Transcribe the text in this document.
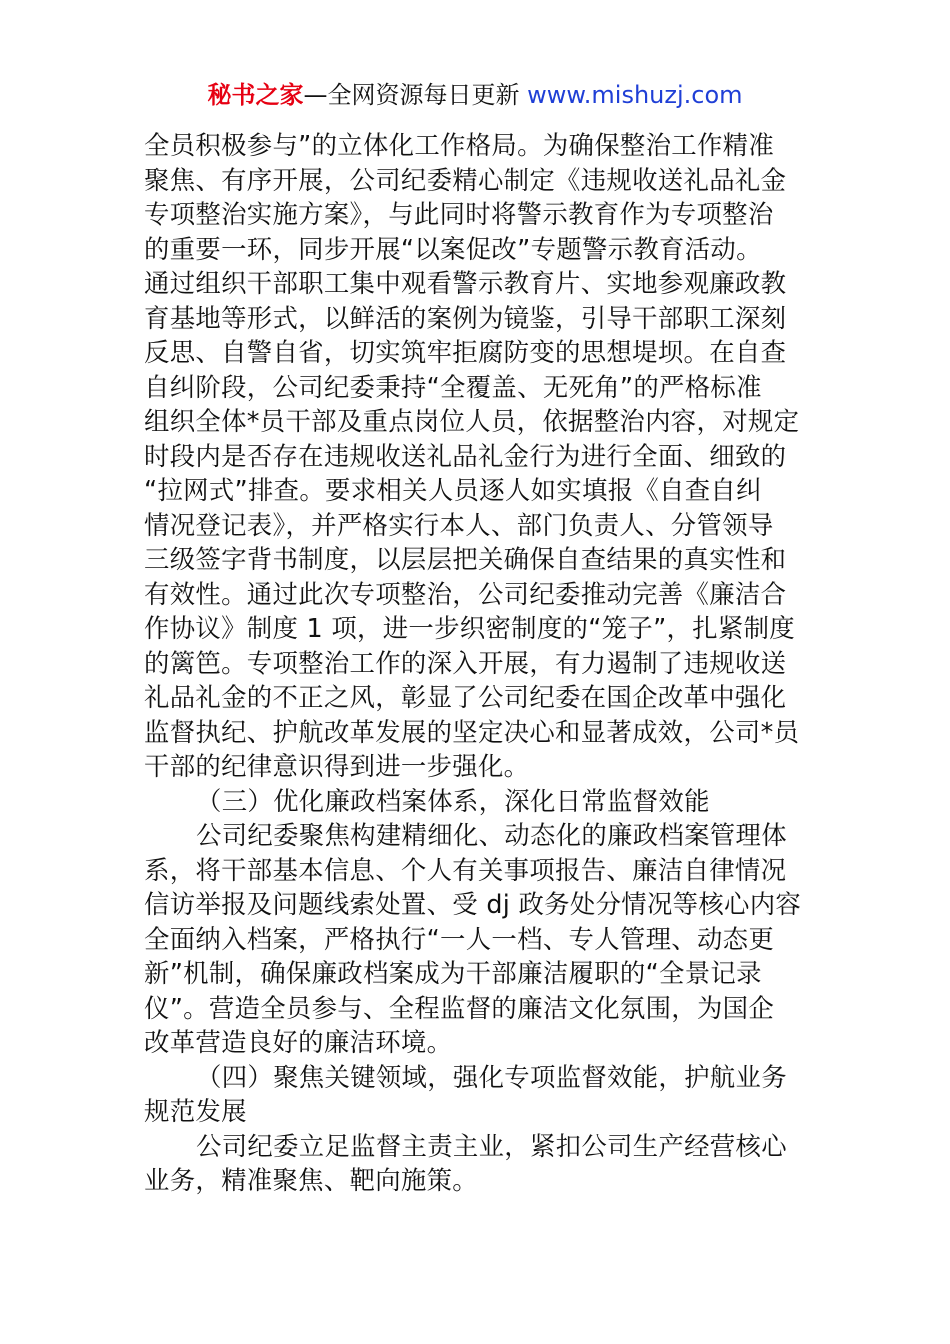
秘书之家—全网资源每日更新 www.mishuzj.com
全员积极参与”的立体化工作格局。为确保整治工作精准
聚焦、有序开展，公司纪委精心制定《违规收送礼品礼金
专项整治实施方案》，与此同时将警示教育作为专项整治
的重要一环，同步开展“以案促改”专题警示教育活动。
通过组织干部职工集中观看警示教育片、实地参观廉政教
育基地等形式，以鲜活的案例为镜鉴，引导干部职工深刻
反思、自警自省，切实筑牢拒腐防变的思想堤坝。在自查
自纠阶段，公司纪委秉持“全覆盖、无死角”的严格标准
组织全体*员干部及重点岗位人员，依据整治内容，对规定
时段内是否存在违规收送礼品礼金行为进行全面、细致的
“拉网式”排查。要求相关人员逐人如实填报《自查自纠
情况登记表》，并严格实行本人、部门负责人、分管领导
三级签字背书制度，以层层把关确保自查结果的真实性和
有效性。通过此次专项整治，公司纪委推动完善《廉洁合
作协议》制度 1 项，进一步织密制度的“笼子”，扎紧制度
的篱笆。专项整治工作的深入开展，有力遏制了违规收送
礼品礼金的不正之风，彰显了公司纪委在国企改革中强化
监督执纪、护航改革发展的坚定决心和显著成效，公司*员
干部的纪律意识得到进一步强化。
（三）优化廉政档案体系，深化日常监督效能
公司纪委聚焦构建精细化、动态化的廉政档案管理体
系，将干部基本信息、个人有关事项报告、廉洁自律情况
信访举报及问题线索处置、受 dj 政务处分情况等核心内容
全面纳入档案，严格执行“一人一档、专人管理、动态更
新”机制，确保廉政档案成为干部廉洁履职的“全景记录
仪”。营造全员参与、全程监督的廉洁文化氛围，为国企
改革营造良好的廉洁环境。
（四）聚焦关键领域，强化专项监督效能，护航业务
规范发展
公司纪委立足监督主责主业，紧扣公司生产经营核心
业务，精准聚焦、靶向施策。
